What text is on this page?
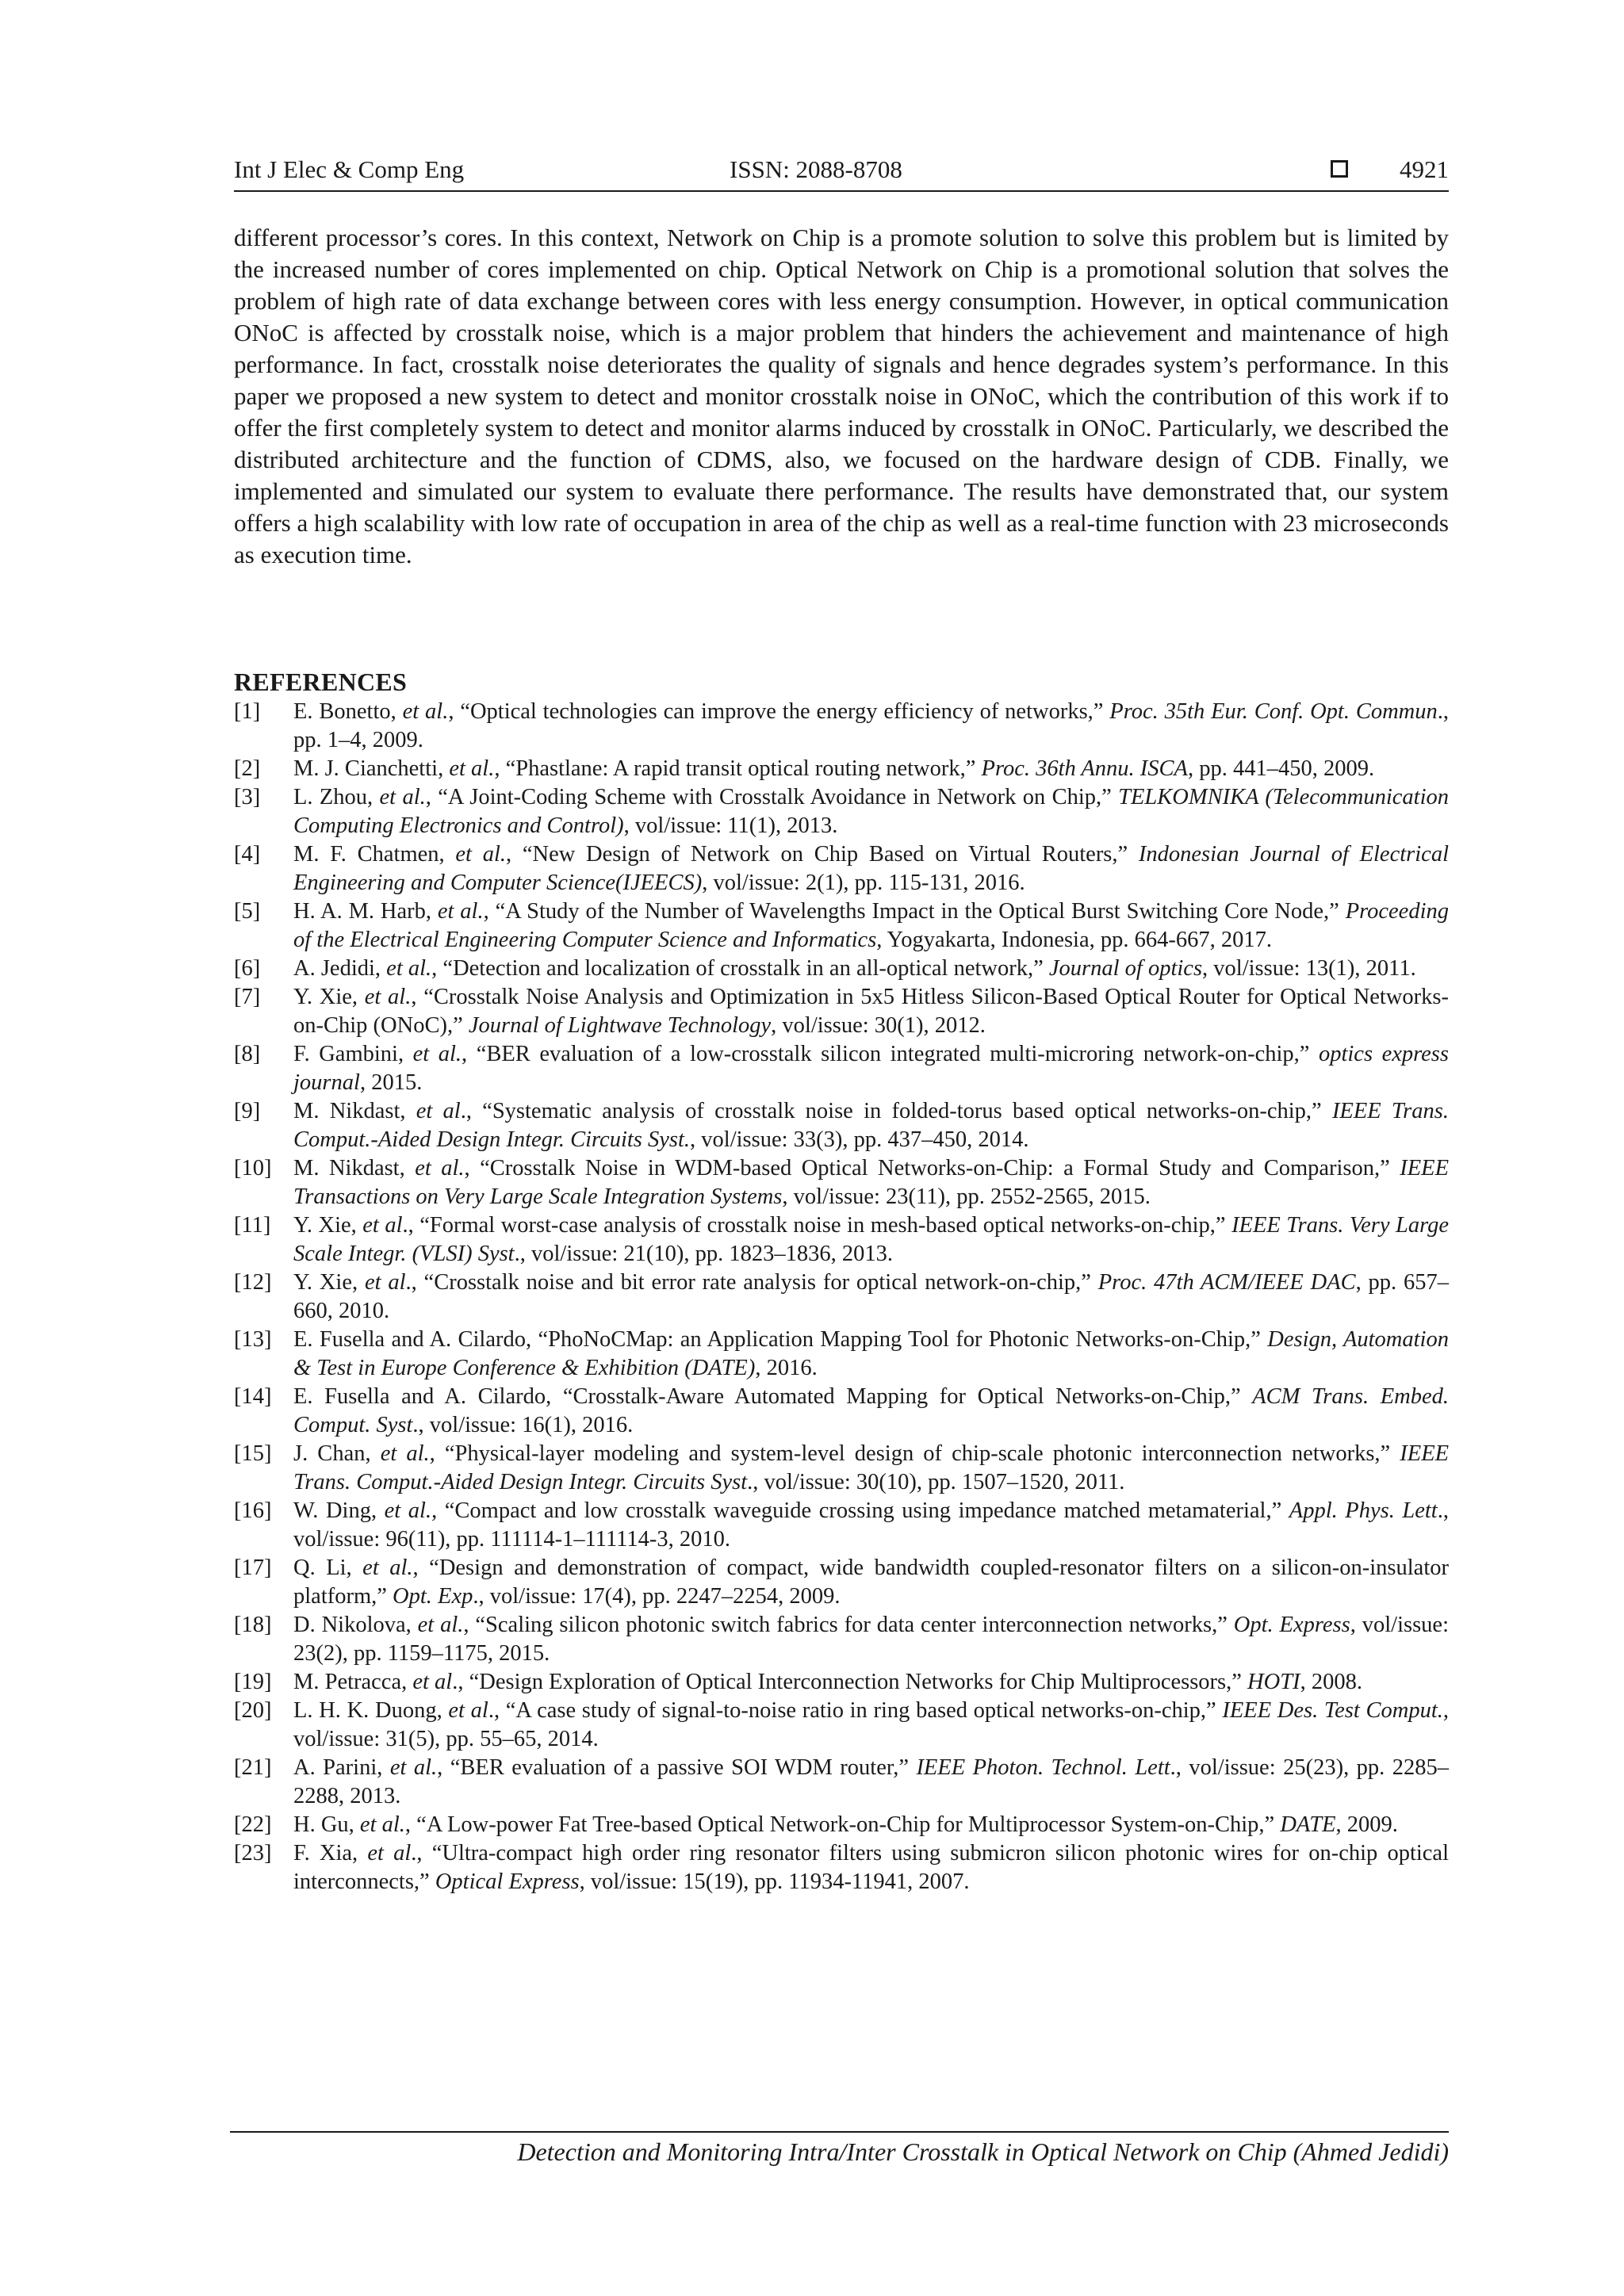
Int J Elec & Comp Eng	ISSN: 2088-8708	4921

different processor’s cores. In this context, Network on Chip is a promote solution to solve this problem but is limited by the increased number of cores implemented on chip. Optical Network on Chip is a promotional solution that solves the problem of high rate of data exchange between cores with less energy consumption. However, in optical communication ONoC is affected by crosstalk noise, which is a major problem that hinders the achievement and maintenance of high performance. In fact, crosstalk noise deteriorates the quality of signals and hence degrades system’s performance. In this paper we proposed a new system to detect and monitor crosstalk noise in ONoC, which the contribution of this work if to offer the first completely system to detect and monitor alarms induced by crosstalk in ONoC. Particularly, we described the distributed architecture and the function of CDMS, also, we focused on the hardware design of CDB. Finally, we implemented and simulated our system to evaluate there performance. The results have demonstrated that, our system offers a high scalability with low rate of occupation in area of the chip as well as a real-time function with 23 microseconds as execution time.

REFERENCES
[1] E. Bonetto, et al., “Optical technologies can improve the energy efficiency of networks,” Proc. 35th Eur. Conf. Opt. Commun., pp. 1–4, 2009.
[2] M. J. Cianchetti, et al., “Phastlane: A rapid transit optical routing network,” Proc. 36th Annu. ISCA, pp. 441–450, 2009.
[3] L. Zhou, et al., “A Joint-Coding Scheme with Crosstalk Avoidance in Network on Chip,” TELKOMNIKA (Telecommunication Computing Electronics and Control), vol/issue: 11(1), 2013.
[4] M. F. Chatmen, et al., “New Design of Network on Chip Based on Virtual Routers,” Indonesian Journal of Electrical Engineering and Computer Science(IJEECS), vol/issue: 2(1), pp. 115-131, 2016.
[5] H. A. M. Harb, et al., “A Study of the Number of Wavelengths Impact in the Optical Burst Switching Core Node,” Proceeding of the Electrical Engineering Computer Science and Informatics, Yogyakarta, Indonesia, pp. 664-667, 2017.
[6] A. Jedidi, et al., “Detection and localization of crosstalk in an all-optical network,” Journal of optics, vol/issue: 13(1), 2011.
[7] Y. Xie, et al., “Crosstalk Noise Analysis and Optimization in 5x5 Hitless Silicon-Based Optical Router for Optical Networks-on-Chip (ONoC),” Journal of Lightwave Technology, vol/issue: 30(1), 2012.
[8] F. Gambini, et al., “BER evaluation of a low-crosstalk silicon integrated multi-microring network-on-chip,” optics express journal, 2015.
[9] M. Nikdast, et al., “Systematic analysis of crosstalk noise in folded-torus based optical networks-on-chip,” IEEE Trans. Comput.-Aided Design Integr. Circuits Syst., vol/issue: 33(3), pp. 437–450, 2014.
[10] M. Nikdast, et al., “Crosstalk Noise in WDM-based Optical Networks-on-Chip: a Formal Study and Comparison,” IEEE Transactions on Very Large Scale Integration Systems, vol/issue: 23(11), pp. 2552-2565, 2015.
[11] Y. Xie, et al., “Formal worst-case analysis of crosstalk noise in mesh-based optical networks-on-chip,” IEEE Trans. Very Large Scale Integr. (VLSI) Syst., vol/issue: 21(10), pp. 1823–1836, 2013.
[12] Y. Xie, et al., “Crosstalk noise and bit error rate analysis for optical network-on-chip,” Proc. 47th ACM/IEEE DAC, pp. 657–660, 2010.
[13] E. Fusella and A. Cilardo, “PhoNoCMap: an Application Mapping Tool for Photonic Networks-on-Chip,” Design, Automation & Test in Europe Conference & Exhibition (DATE), 2016.
[14] E. Fusella and A. Cilardo, “Crosstalk-Aware Automated Mapping for Optical Networks-on-Chip,” ACM Trans. Embed. Comput. Syst., vol/issue: 16(1), 2016.
[15] J. Chan, et al., “Physical-layer modeling and system-level design of chip-scale photonic interconnection networks,” IEEE Trans. Comput.-Aided Design Integr. Circuits Syst., vol/issue: 30(10), pp. 1507–1520, 2011.
[16] W. Ding, et al., “Compact and low crosstalk waveguide crossing using impedance matched metamaterial,” Appl. Phys. Lett., vol/issue: 96(11), pp. 111114-1–111114-3, 2010.
[17] Q. Li, et al., “Design and demonstration of compact, wide bandwidth coupled-resonator filters on a silicon-on-insulator platform,” Opt. Exp., vol/issue: 17(4), pp. 2247–2254, 2009.
[18] D. Nikolova, et al., “Scaling silicon photonic switch fabrics for data center interconnection networks,” Opt. Express, vol/issue: 23(2), pp. 1159–1175, 2015.
[19] M. Petracca, et al., “Design Exploration of Optical Interconnection Networks for Chip Multiprocessors,” HOTI, 2008.
[20] L. H. K. Duong, et al., “A case study of signal-to-noise ratio in ring based optical networks-on-chip,” IEEE Des. Test Comput., vol/issue: 31(5), pp. 55–65, 2014.
[21] A. Parini, et al., “BER evaluation of a passive SOI WDM router,” IEEE Photon. Technol. Lett., vol/issue: 25(23), pp. 2285–2288, 2013.
[22] H. Gu, et al., “A Low-power Fat Tree-based Optical Network-on-Chip for Multiprocessor System-on-Chip,” DATE, 2009.
[23] F. Xia, et al., “Ultra-compact high order ring resonator filters using submicron silicon photonic wires for on-chip optical interconnects,” Optical Express, vol/issue: 15(19), pp. 11934-11941, 2007.
Detection and Monitoring Intra/Inter Crosstalk in Optical Network on Chip (Ahmed Jedidi)
